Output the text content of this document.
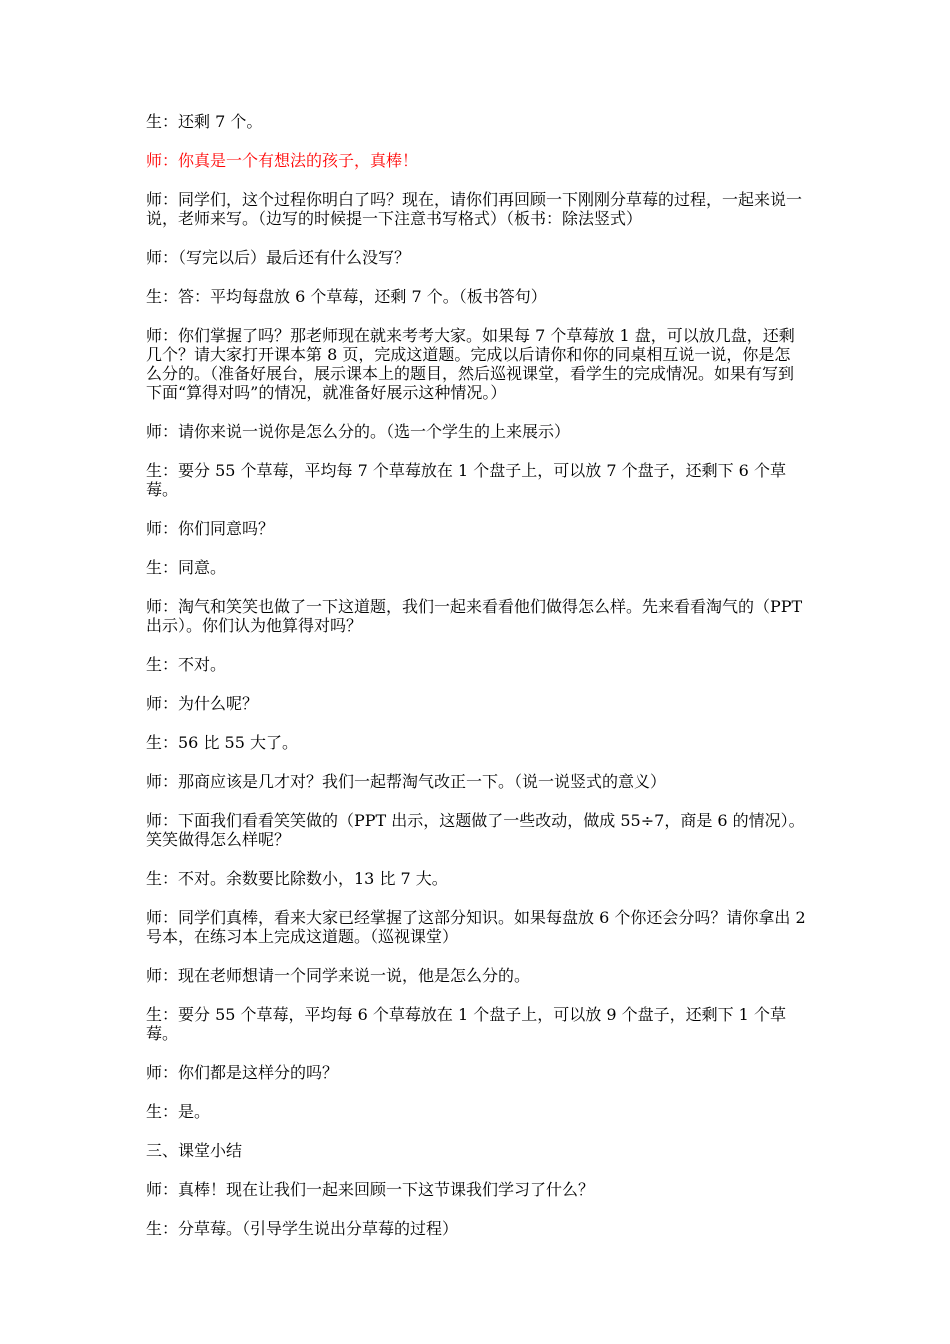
生：还剩 7 个。

师：你真是一个有想法的孩子，真棒！

师：同学们，这个过程你明白了吗？现在，请你们再回顾一下刚刚分草莓的过程，一起来说一说，老师来写。（边写的时候提一下注意书写格式）（板书：除法竖式）

师：（写完以后）最后还有什么没写？

生：答：平均每盘放 6 个草莓，还剩 7 个。（板书答句）

师：你们掌握了吗？那老师现在就来考考大家。如果每 7 个草莓放 1 盘，可以放几盘，还剩几个？请大家打开课本第 8 页，完成这道题。完成以后请你和你的同桌相互说一说，你是怎么分的。（准备好展台，展示课本上的题目，然后巡视课堂，看学生的完成情况。如果有写到下面“算得对吗”的情况，就准备好展示这种情况。）

师：请你来说一说你是怎么分的。（选一个学生的上来展示）

生：要分 55 个草莓，平均每 7 个草莓放在 1 个盘子上，可以放 7 个盘子，还剩下 6 个草莓。

师：你们同意吗？

生：同意。

师：淘气和笑笑也做了一下这道题，我们一起来看看他们做得怎么样。先来看看淘气的（PPT 出示）。你们认为他算得对吗？

生：不对。

师：为什么呢？

生：56 比 55 大了。

师：那商应该是几才对？我们一起帮淘气改正一下。（说一说竖式的意义）

师：下面我们看看笑笑做的（PPT 出示，这题做了一些改动，做成 55÷7，商是 6 的情况）。笑笑做得怎么样呢？

生：不对。余数要比除数小，13 比 7 大。

师：同学们真棒，看来大家已经掌握了这部分知识。如果每盘放 6 个你还会分吗？请你拿出 2 号本，在练习本上完成这道题。（巡视课堂）

师：现在老师想请一个同学来说一说，他是怎么分的。

生：要分 55 个草莓，平均每 6 个草莓放在 1 个盘子上，可以放 9 个盘子，还剩下 1 个草莓。

师：你们都是这样分的吗？

生：是。

三、课堂小结

师：真棒！现在让我们一起来回顾一下这节课我们学习了什么？

生：分草莓。（引导学生说出分草莓的过程）
